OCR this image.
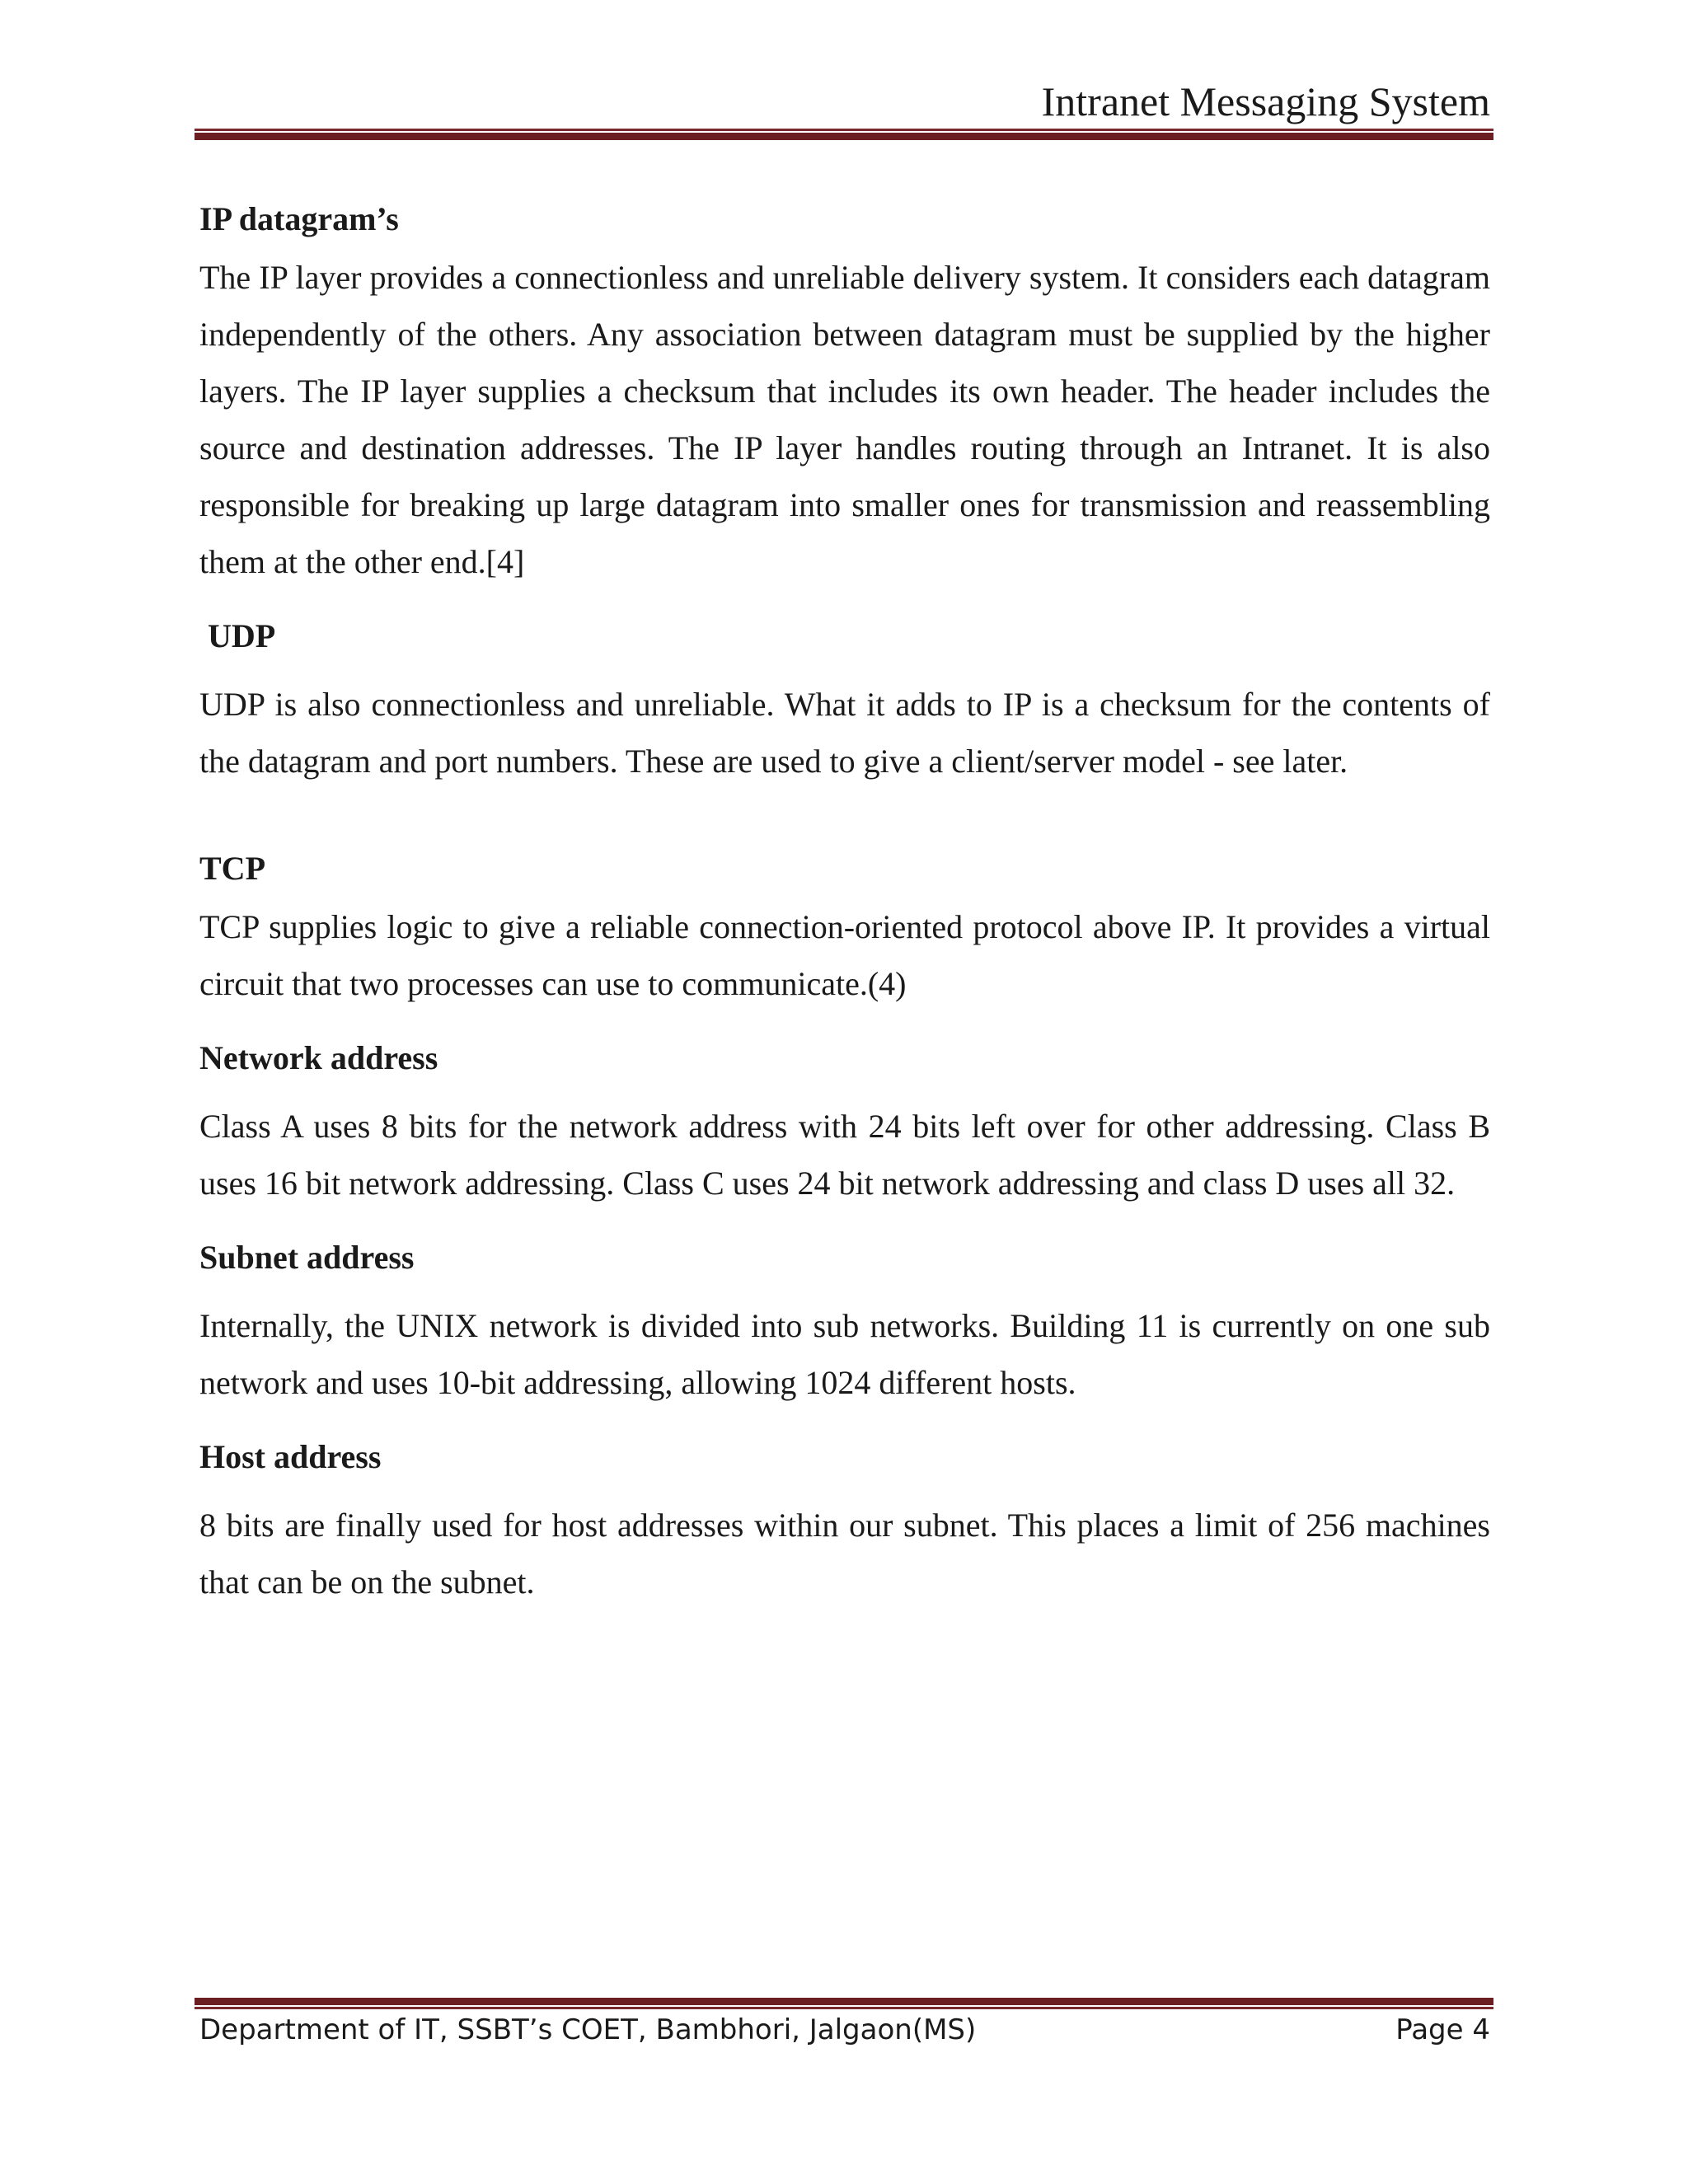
Intranet Messaging System
IP datagram’s

The IP layer provides a connectionless and unreliable delivery system. It considers each datagram independently of the others. Any association between datagram must be supplied by the higher layers. The IP layer supplies a checksum that includes its own header. The header includes the source and destination addresses. The IP layer handles routing through an Intranet. It is also responsible for breaking up large datagram into smaller ones for transmission and reassembling them at the other end.[4]

UDP

UDP is also connectionless and unreliable. What it adds to IP is a checksum for the contents of the datagram and port numbers. These are used to give a client/server model - see later.

TCP

TCP supplies logic to give a reliable connection-oriented protocol above IP. It provides a virtual circuit that two processes can use to communicate.(4)

Network address

Class A uses 8 bits for the network address with 24 bits left over for other addressing. Class B uses 16 bit network addressing. Class C uses 24 bit network addressing and class D uses all 32.

Subnet address

Internally, the UNIX network is divided into sub networks. Building 11 is currently on one sub network and uses 10-bit addressing, allowing 1024 different hosts.

Host address

8 bits are finally used for host addresses within our subnet. This places a limit of 256 machines that can be on the subnet.

Department of IT, SSBT’s COET, Bambhori, Jalgaon(MS)	Page 4
